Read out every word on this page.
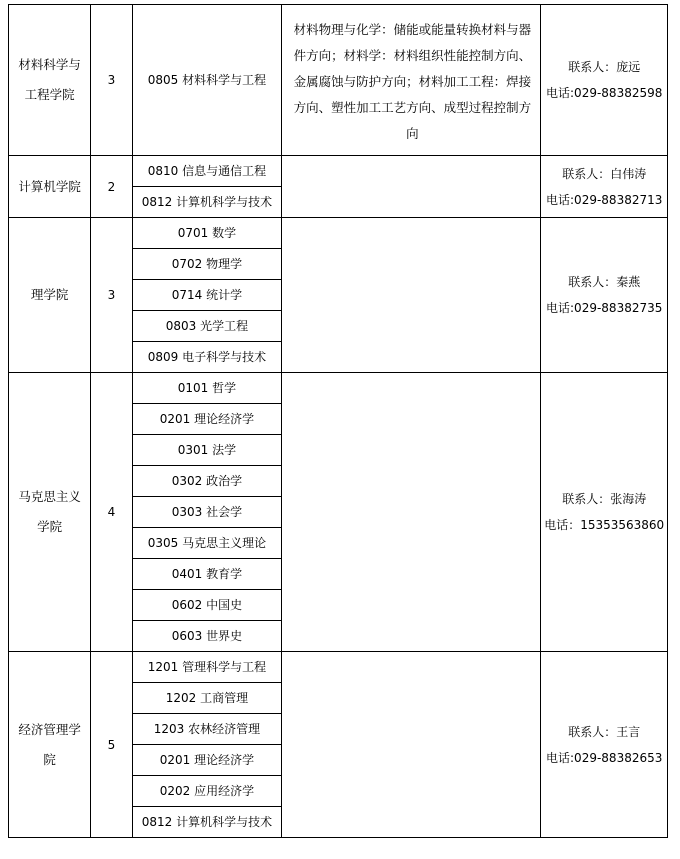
材料科学与工程学院	3	0805 材料科学与工程	材料物理与化学：储能或能量转换材料与器件方向；材料学：材料组织性能控制方向、金属腐蚀与防护方向；材料加工工程：焊接方向、塑性加工工艺方向、成型过程控制方向	联系人：庞远
电话:029-88382598

计算机学院	2	0810 信息与通信工程		联系人：白伟涛
电话:029-88382713

		0812 计算机科学与技术		
理学院	3	0701 数学		联系人：秦燕
电话:029-88382735

		0702 物理学		
		0714 统计学		
		0803 光学工程		
		0809 电子科学与技术		
马克思主义学院	4	0101 哲学		联系人：张海涛
电话：15353563860

		0201 理论经济学		
		0301 法学		
		0302 政治学		
		0303 社会学		
		0305 马克思主义理论		
		0401 教育学		
		0602 中国史		
		0603 世界史		
经济管理学院	5	1201 管理科学与工程		联系人：王言
电话:029-88382653

		1202 工商管理		
		1203 农林经济管理		
		0201 理论经济学		
		0202 应用经济学		
		0812 计算机科学与技术		
